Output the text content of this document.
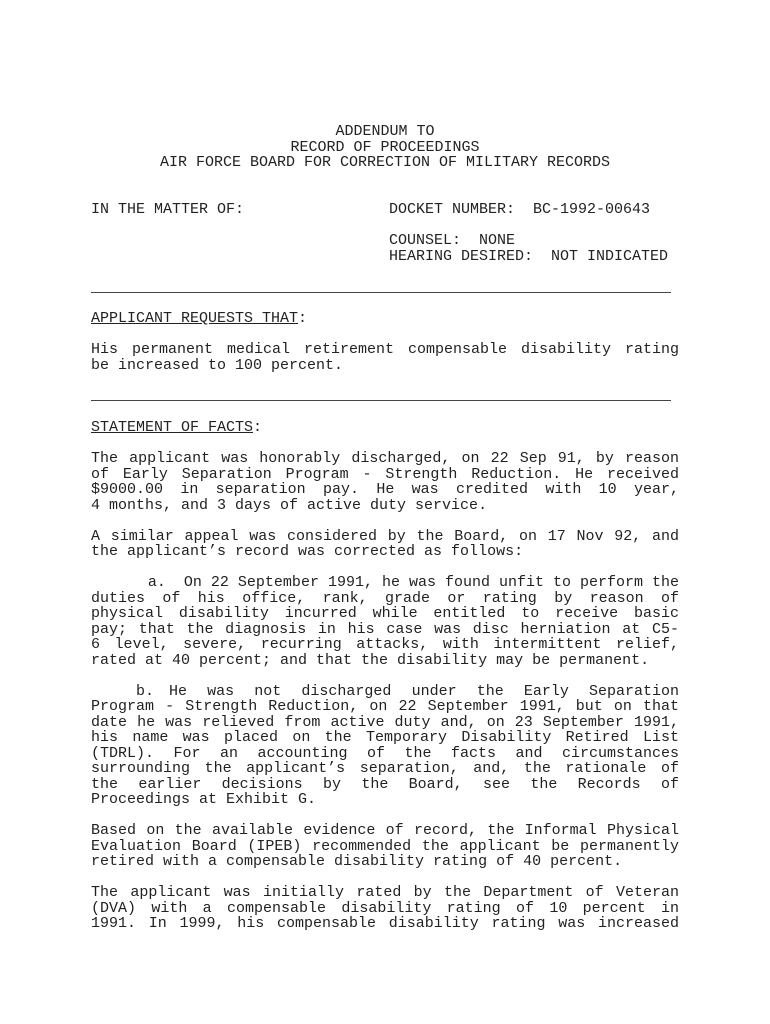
ADDENDUM TO
RECORD OF PROCEEDINGS
AIR FORCE BOARD FOR CORRECTION OF MILITARY RECORDS
IN THE MATTER OF:	DOCKET NUMBER:  BC-1992-00643
COUNSEL:  NONE
HEARING DESIRED:  NOT INDICATED
APPLICANT REQUESTS THAT:
His permanent medical retirement compensable disability rating
be increased to 100 percent.
STATEMENT OF FACTS:
The applicant was honorably discharged, on 22 Sep 91, by reason
of Early Separation Program - Strength Reduction. He received
$9000.00 in separation pay. He was credited with 10 year,
4 months, and 3 days of active duty service.
A similar appeal was considered by the Board, on 17 Nov 92, and
the applicant’s record was corrected as follows:
a.  On 22 September 1991, he was found unfit to perform the
duties of his office, rank, grade or rating by reason of
physical disability incurred while entitled to receive basic
pay; that the diagnosis in his case was disc herniation at C5-
6 level, severe, recurring attacks, with intermittent relief,
rated at 40 percent; and that the disability may be permanent.
b. He was not discharged under the Early Separation
Program - Strength Reduction, on 22 September 1991, but on that
date he was relieved from active duty and, on 23 September 1991,
his name was placed on the Temporary Disability Retired List
(TDRL). For an accounting of the facts and circumstances
surrounding the applicant’s separation, and, the rationale of
the earlier decisions by the Board, see the Records of
Proceedings at Exhibit G.
Based on the available evidence of record, the Informal Physical
Evaluation Board (IPEB) recommended the applicant be permanently
retired with a compensable disability rating of 40 percent.
The applicant was initially rated by the Department of Veteran
(DVA) with a compensable disability rating of 10 percent in
1991. In 1999, his compensable disability rating was increased
